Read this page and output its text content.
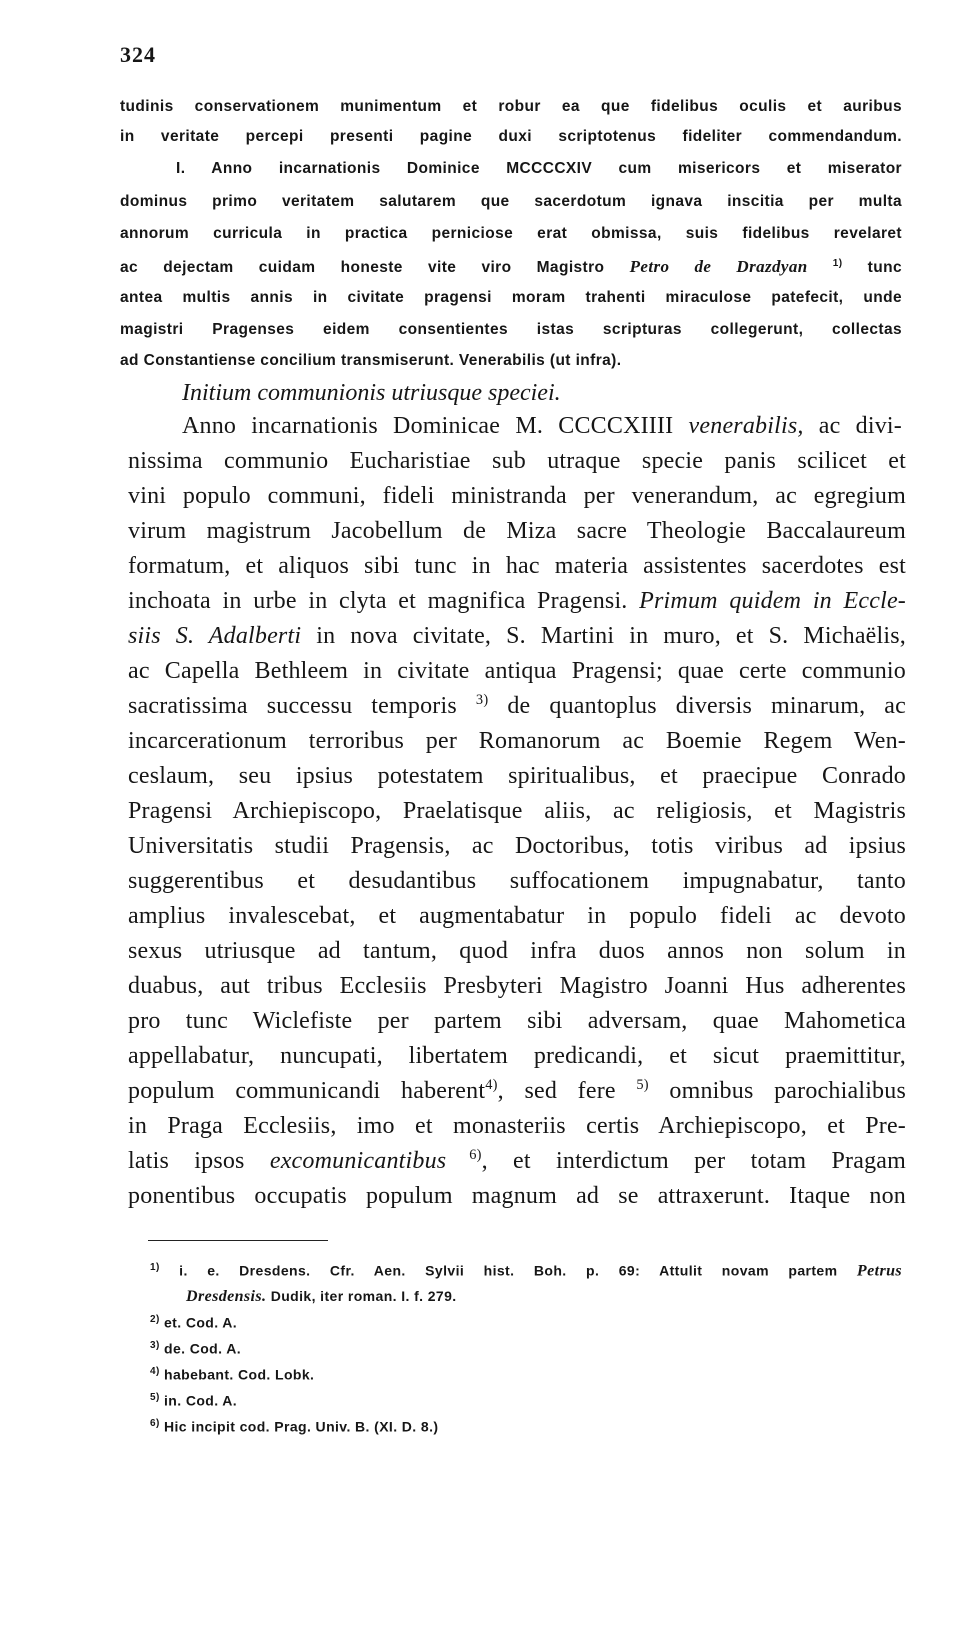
324
tudinis conservationem munimentum et robur ea que fidelibus oculis et auribus
in veritate percepi presenti pagine duxi scriptotenus fideliter commendandum.
I. Anno incarnationis Dominice MCCCCXIV cum misericors et miserator
dominus primo veritatem salutarem que sacerdotum ignava inscitia per multa
annorum curricula in practica perniciose erat obmissa, suis fidelibus revelaret
ac dejectam cuidam honeste vite viro Magistro Petro de Drazdyan	$^{1)}$ tunc
antea multis annis in civitate pragensi moram trahenti miraculose patefecit, unde
magistri Pragenses eidem consentientes istas scripturas collegerunt, collectas
ad Constantiense concilium transmiserunt. Venerabilis (ut infra).
Initium communionis utriusque speciei.
Anno incarnationis Dominicae M. CCCCXIIII venerabilis, ac divi-
nissima communio Eucharistiae sub utraque specie panis scilicet et
vini populo communi, fideli ministranda per venerandum, ac egregium
virum magistrum Jacobellum de Miza sacre Theologie Baccalaureum
formatum, et aliquos sibi tunc in hac materia assistentes sacerdotes est
inchoata in urbe in clyta et magnifica Pragensi. Primum quidem in Eccle-
siis S. Adalberti in nova civitate, S. Martini in muro, et S. Michaëlis,
ac Capella Bethleem in civitate antiqua Pragensi; quae certe communio
sacratissima successu temporis $^{3)}$ de quantoplus diversis minarum, ac
incarcerationum terroribus per Romanorum ac Boemie Regem Wen-
ceslaum, seu ipsius potestatem spiritualibus, et praecipue Conrado
Pragensi Archiepiscopo, Praelatisque aliis, ac religiosis, et Magistris
Universitatis studii Pragensis, ac Doctoribus, totis viribus ad ipsius
suggerentibus et desudantibus suffocationem impugnabatur, tanto
amplius invalescebat, et augmentabatur in populo fideli ac devoto
sexus utriusque ad tantum, quod infra duos annos non solum in
duabus, aut tribus Ecclesiis Presbyteri Magistro Joanni Hus adherentes
pro tunc Wiclefiste per partem sibi adversam, quae Mahometica
appellabatur, nuncupati, libertatem predicandi, et sicut praemittitur,
populum communicandi haberent$^{4)}$, sed fere $^{5)}$ omnibus parochialibus
in Praga Ecclesiis, imo et monasteriis certis Archiepiscopo, et Pre-
latis ipsos excomunicantibus $^{6)}$, et interdictum per totam Pragam
ponentibus occupatis populum magnum ad se attraxerunt. Itaque non
$^{1)}$ i. e. Dresdens. Cfr. Aen. Sylvii hist. Boh. p. 69: Attulit novam partem Petrus
Dresdensis. Dudik, iter roman. I. f. 279.
$^{2)}$ et. Cod. A.
$^{3)}$ de. Cod. A.
$^{4)}$ habebant. Cod. Lobk.
$^{5)}$ in. Cod. A.
$^{6)}$ Hic incipit cod. Prag. Univ. B. (XI. D. 8.)
